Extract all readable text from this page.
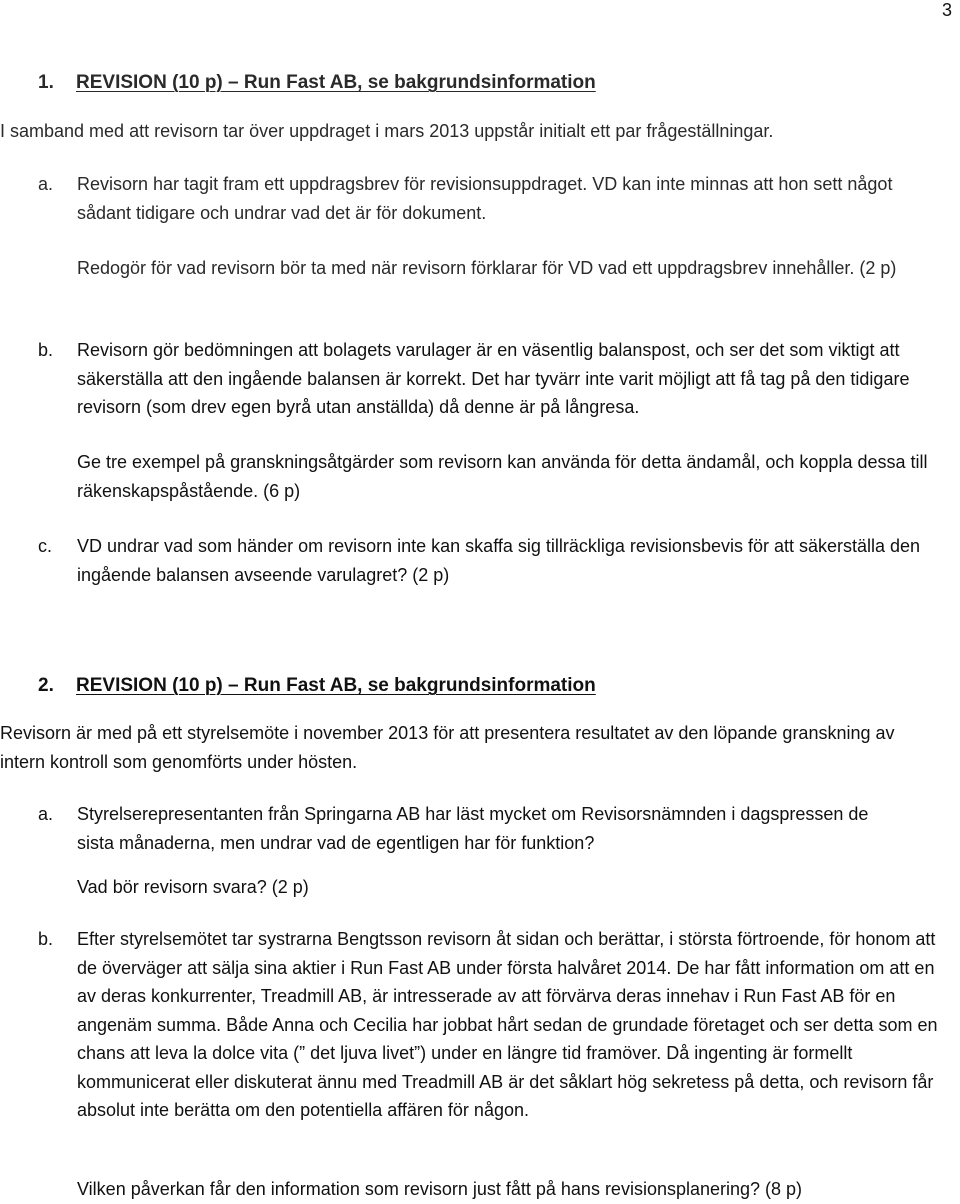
3
1. REVISION (10 p) – Run Fast AB, se bakgrundsinformation

I samband med att revisorn tar över uppdraget i mars 2013 uppstår initialt ett par frågeställningar.

a. Revisorn har tagit fram ett uppdragsbrev för revisionsuppdraget. VD kan inte minnas att hon sett något sådant tidigare och undrar vad det är för dokument.

Redogör för vad revisorn bör ta med när revisorn förklarar för VD vad ett uppdragsbrev innehåller. (2 p)

b. Revisorn gör bedömningen att bolagets varulager är en väsentlig balanspost, och ser det som viktigt att säkerställa att den ingående balansen är korrekt. Det har tyvärr inte varit möjligt att få tag på den tidigare revisorn (som drev egen byrå utan anställda) då denne är på långresa.

Ge tre exempel på granskningsåtgärder som revisorn kan använda för detta ändamål, och koppla dessa till räkenskapspåstående. (6 p)

c. VD undrar vad som händer om revisorn inte kan skaffa sig tillräckliga revisionsbevis för att säkerställa den ingående balansen avseende varulagret? (2 p)
2. REVISION (10 p) – Run Fast AB, se bakgrundsinformation

Revisorn är med på ett styrelsemöte i november 2013 för att presentera resultatet av den löpande granskning av intern kontroll som genomförts under hösten.

a. Styrelserepresentanten från Springarna AB har läst mycket om Revisorsnämnden i dagspressen de sista månaderna, men undrar vad de egentligen har för funktion?

Vad bör revisorn svara? (2 p)

b. Efter styrelsemötet tar systrarna Bengtsson revisorn åt sidan och berättar, i största förtroende, för honom att de överväger att sälja sina aktier i Run Fast AB under första halvåret 2014. De har fått information om att en av deras konkurrenter, Treadmill AB, är intresserade av att förvärva deras innehav i Run Fast AB för en angenäm summa. Både Anna och Cecilia har jobbat hårt sedan de grundade företaget och ser detta som en chans att leva la dolce vita (” det ljuva livet”) under en längre tid framöver. Då ingenting är formellt kommunicerat eller diskuterat ännu med Treadmill AB är det såklart hög sekretess på detta, och revisorn får absolut inte berätta om den potentiella affären för någon.

Vilken påverkan får den information som revisorn just fått på hans revisionsplanering? (8 p)
